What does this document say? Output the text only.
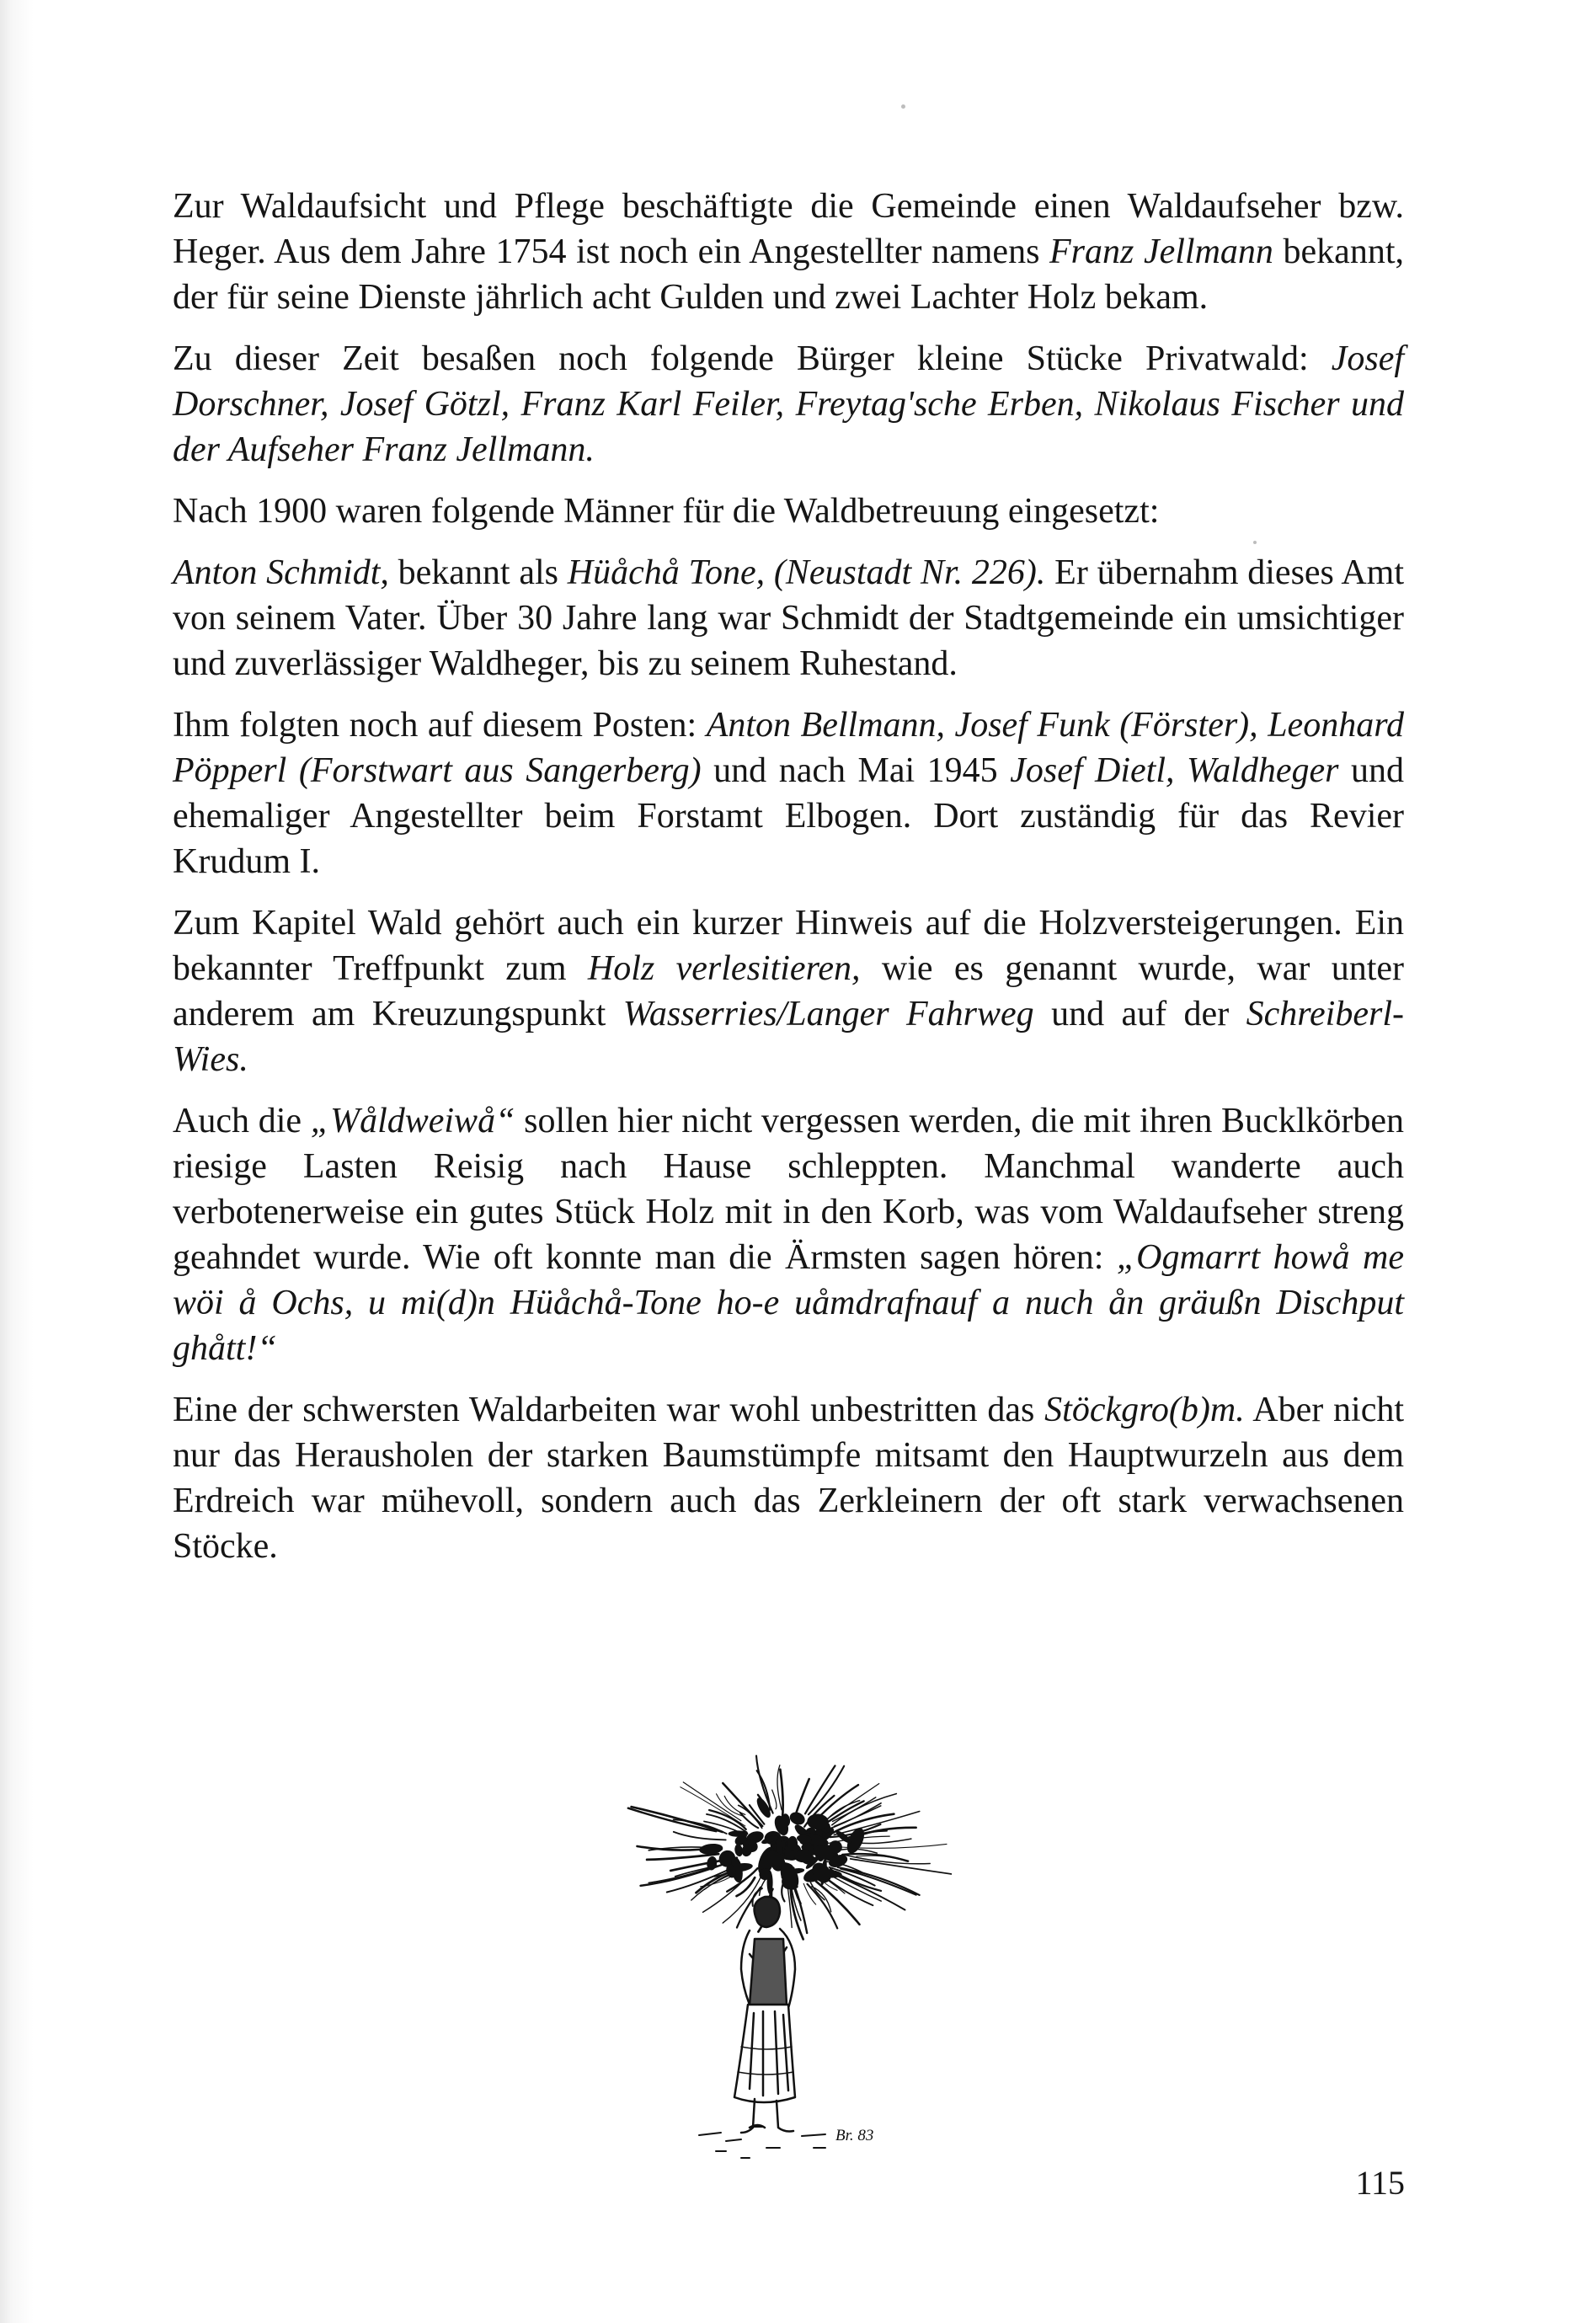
Zur Waldaufsicht und Pflege beschäftigte die Gemeinde einen Waldaufseher bzw. Heger. Aus dem Jahre 1754 ist noch ein Angestellter namens Franz Jellmann bekannt, der für seine Dienste jährlich acht Gulden und zwei Lachter Holz bekam.

Zu dieser Zeit besaßen noch folgende Bürger kleine Stücke Privatwald: Josef Dorschner, Josef Götzl, Franz Karl Feiler, Freytag'sche Erben, Nikolaus Fischer und der Aufseher Franz Jellmann.

Nach 1900 waren folgende Männer für die Waldbetreuung eingesetzt:

Anton Schmidt, bekannt als Hüåchå Tone, (Neustadt Nr. 226). Er übernahm dieses Amt von seinem Vater. Über 30 Jahre lang war Schmidt der Stadtgemeinde ein umsichtiger und zuverlässiger Waldheger, bis zu seinem Ruhestand.

Ihm folgten noch auf diesem Posten: Anton Bellmann, Josef Funk (Förster), Leonhard Pöpperl (Forstwart aus Sangerberg) und nach Mai 1945 Josef Dietl, Waldheger und ehemaliger Angestellter beim Forstamt Elbogen. Dort zuständig für das Revier Krudum I.

Zum Kapitel Wald gehört auch ein kurzer Hinweis auf die Holzversteigerungen. Ein bekannter Treffpunkt zum Holz verlesitieren, wie es genannt wurde, war unter anderem am Kreuzungspunkt Wasserries/Langer Fahrweg und auf der Schreiberl-Wies.

Auch die „Wåldweiwå“ sollen hier nicht vergessen werden, die mit ihren Bucklkörben riesige Lasten Reisig nach Hause schleppten. Manchmal wanderte auch verbotenerweise ein gutes Stück Holz mit in den Korb, was vom Waldaufseher streng geahndet wurde. Wie oft konnte man die Ärmsten sagen hören: „Ogmarrt howå me wöi å Ochs, u mi(d)n Hüåchå-Tone ho-e uåmdrafnauf a nuch ån gräußn Dischput ghått!“

Eine der schwersten Waldarbeiten war wohl unbestritten das Stöckgro(b)m. Aber nicht nur das Herausholen der starken Baumstümpfe mitsamt den Hauptwurzeln aus dem Erdreich war mühevoll, sondern auch das Zerkleinern der oft stark verwachsenen Stöcke.

Br. 83
115
